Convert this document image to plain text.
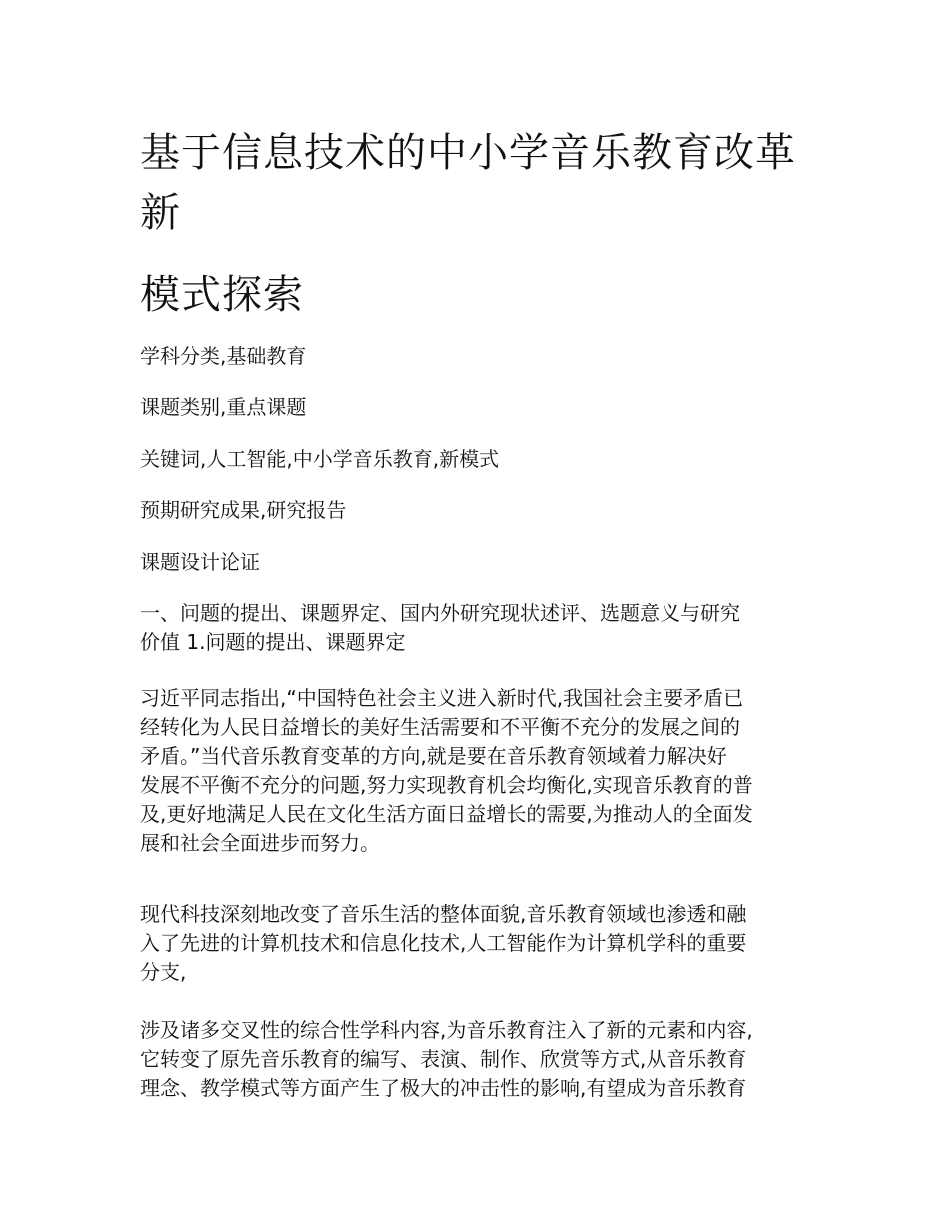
基于信息技术的中小学音乐教育改革
新
模式探索

学科分类,基础教育

课题类别,重点课题

关键词,人工智能,中小学音乐教育,新模式

预期研究成果,研究报告

课题设计论证

一、问题的提出、课题界定、国内外研究现状述评、选题意义与研究
价值 1.问题的提出、课题界定

习近平同志指出,“中国特色社会主义进入新时代,我国社会主要矛盾已
经转化为人民日益增长的美好生活需要和不平衡不充分的发展之间的
矛盾。”当代音乐教育变革的方向,就是要在音乐教育领域着力解决好
发展不平衡不充分的问题,努力实现教育机会均衡化,实现音乐教育的普
及,更好地满足人民在文化生活方面日益增长的需要,为推动人的全面发
展和社会全面进步而努力。

现代科技深刻地改变了音乐生活的整体面貌,音乐教育领域也渗透和融
入了先进的计算机技术和信息化技术,人工智能作为计算机学科的重要
分支,

涉及诸多交叉性的综合性学科内容,为音乐教育注入了新的元素和内容,
它转变了原先音乐教育的编写、表演、制作、欣赏等方式,从音乐教育
理念、教学模式等方面产生了极大的冲击性的影响,有望成为音乐教育
